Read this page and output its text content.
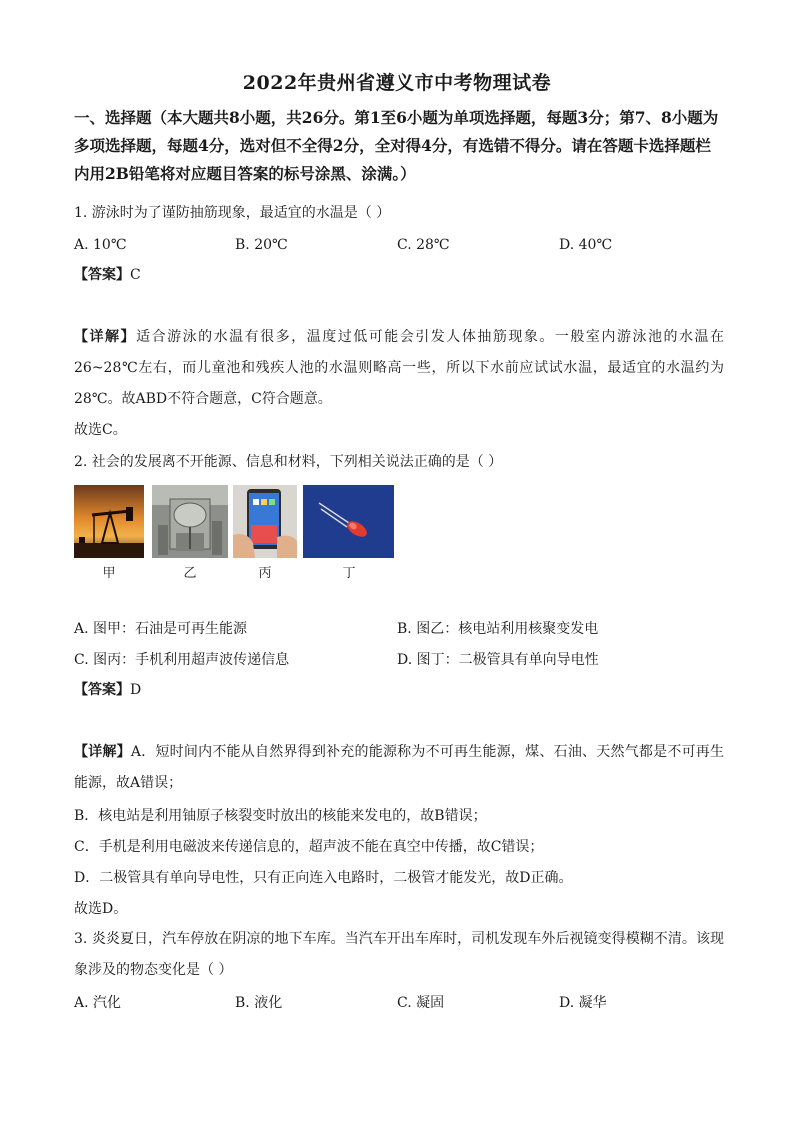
2022年贵州省遵义市中考物理试卷
一、选择题（本大题共8小题，共26分。第1至6小题为单项选择题，每题3分；第7、8小题为多项选择题，每题4分，选对但不全得2分，全对得4分，有选错不得分。请在答题卡选择题栏内用2B铅笔将对应题目答案的标号涂黑、涂满。）
1. 游泳时为了谨防抽筋现象，最适宜的水温是（ ）
A. 10℃	B. 20℃	C. 28℃	D. 40℃
【答案】C
【详解】适合游泳的水温有很多，温度过低可能会引发人体抽筋现象。一般室内游泳池的水温在26~28℃左右，而儿童池和残疾人池的水温则略高一些，所以下水前应试试水温，最适宜的水温约为28℃。故ABD不符合题意，C符合题意。
故选C。
2. 社会的发展离不开能源、信息和材料，下列相关说法正确的是（ ）
甲	乙	丙	丁
A. 图甲：石油是可再生能源	B. 图乙：核电站利用核聚变发电
C. 图丙：手机利用超声波传递信息	D. 图丁：二极管具有单向导电性
【答案】D
【详解】A．短时间内不能从自然界得到补充的能源称为不可再生能源，煤、石油、天然气都是不可再生能源，故A错误；
B．核电站是利用铀原子核裂变时放出的核能来发电的，故B错误；
C．手机是利用电磁波来传递信息的，超声波不能在真空中传播，故C错误；
D．二极管具有单向导电性，只有正向连入电路时，二极管才能发光，故D正确。
故选D。
3. 炎炎夏日，汽车停放在阴凉的地下车库。当汽车开出车库时，司机发现车外后视镜变得模糊不清。该现象涉及的物态变化是（ ）
A. 汽化	B. 液化	C. 凝固	D. 凝华
